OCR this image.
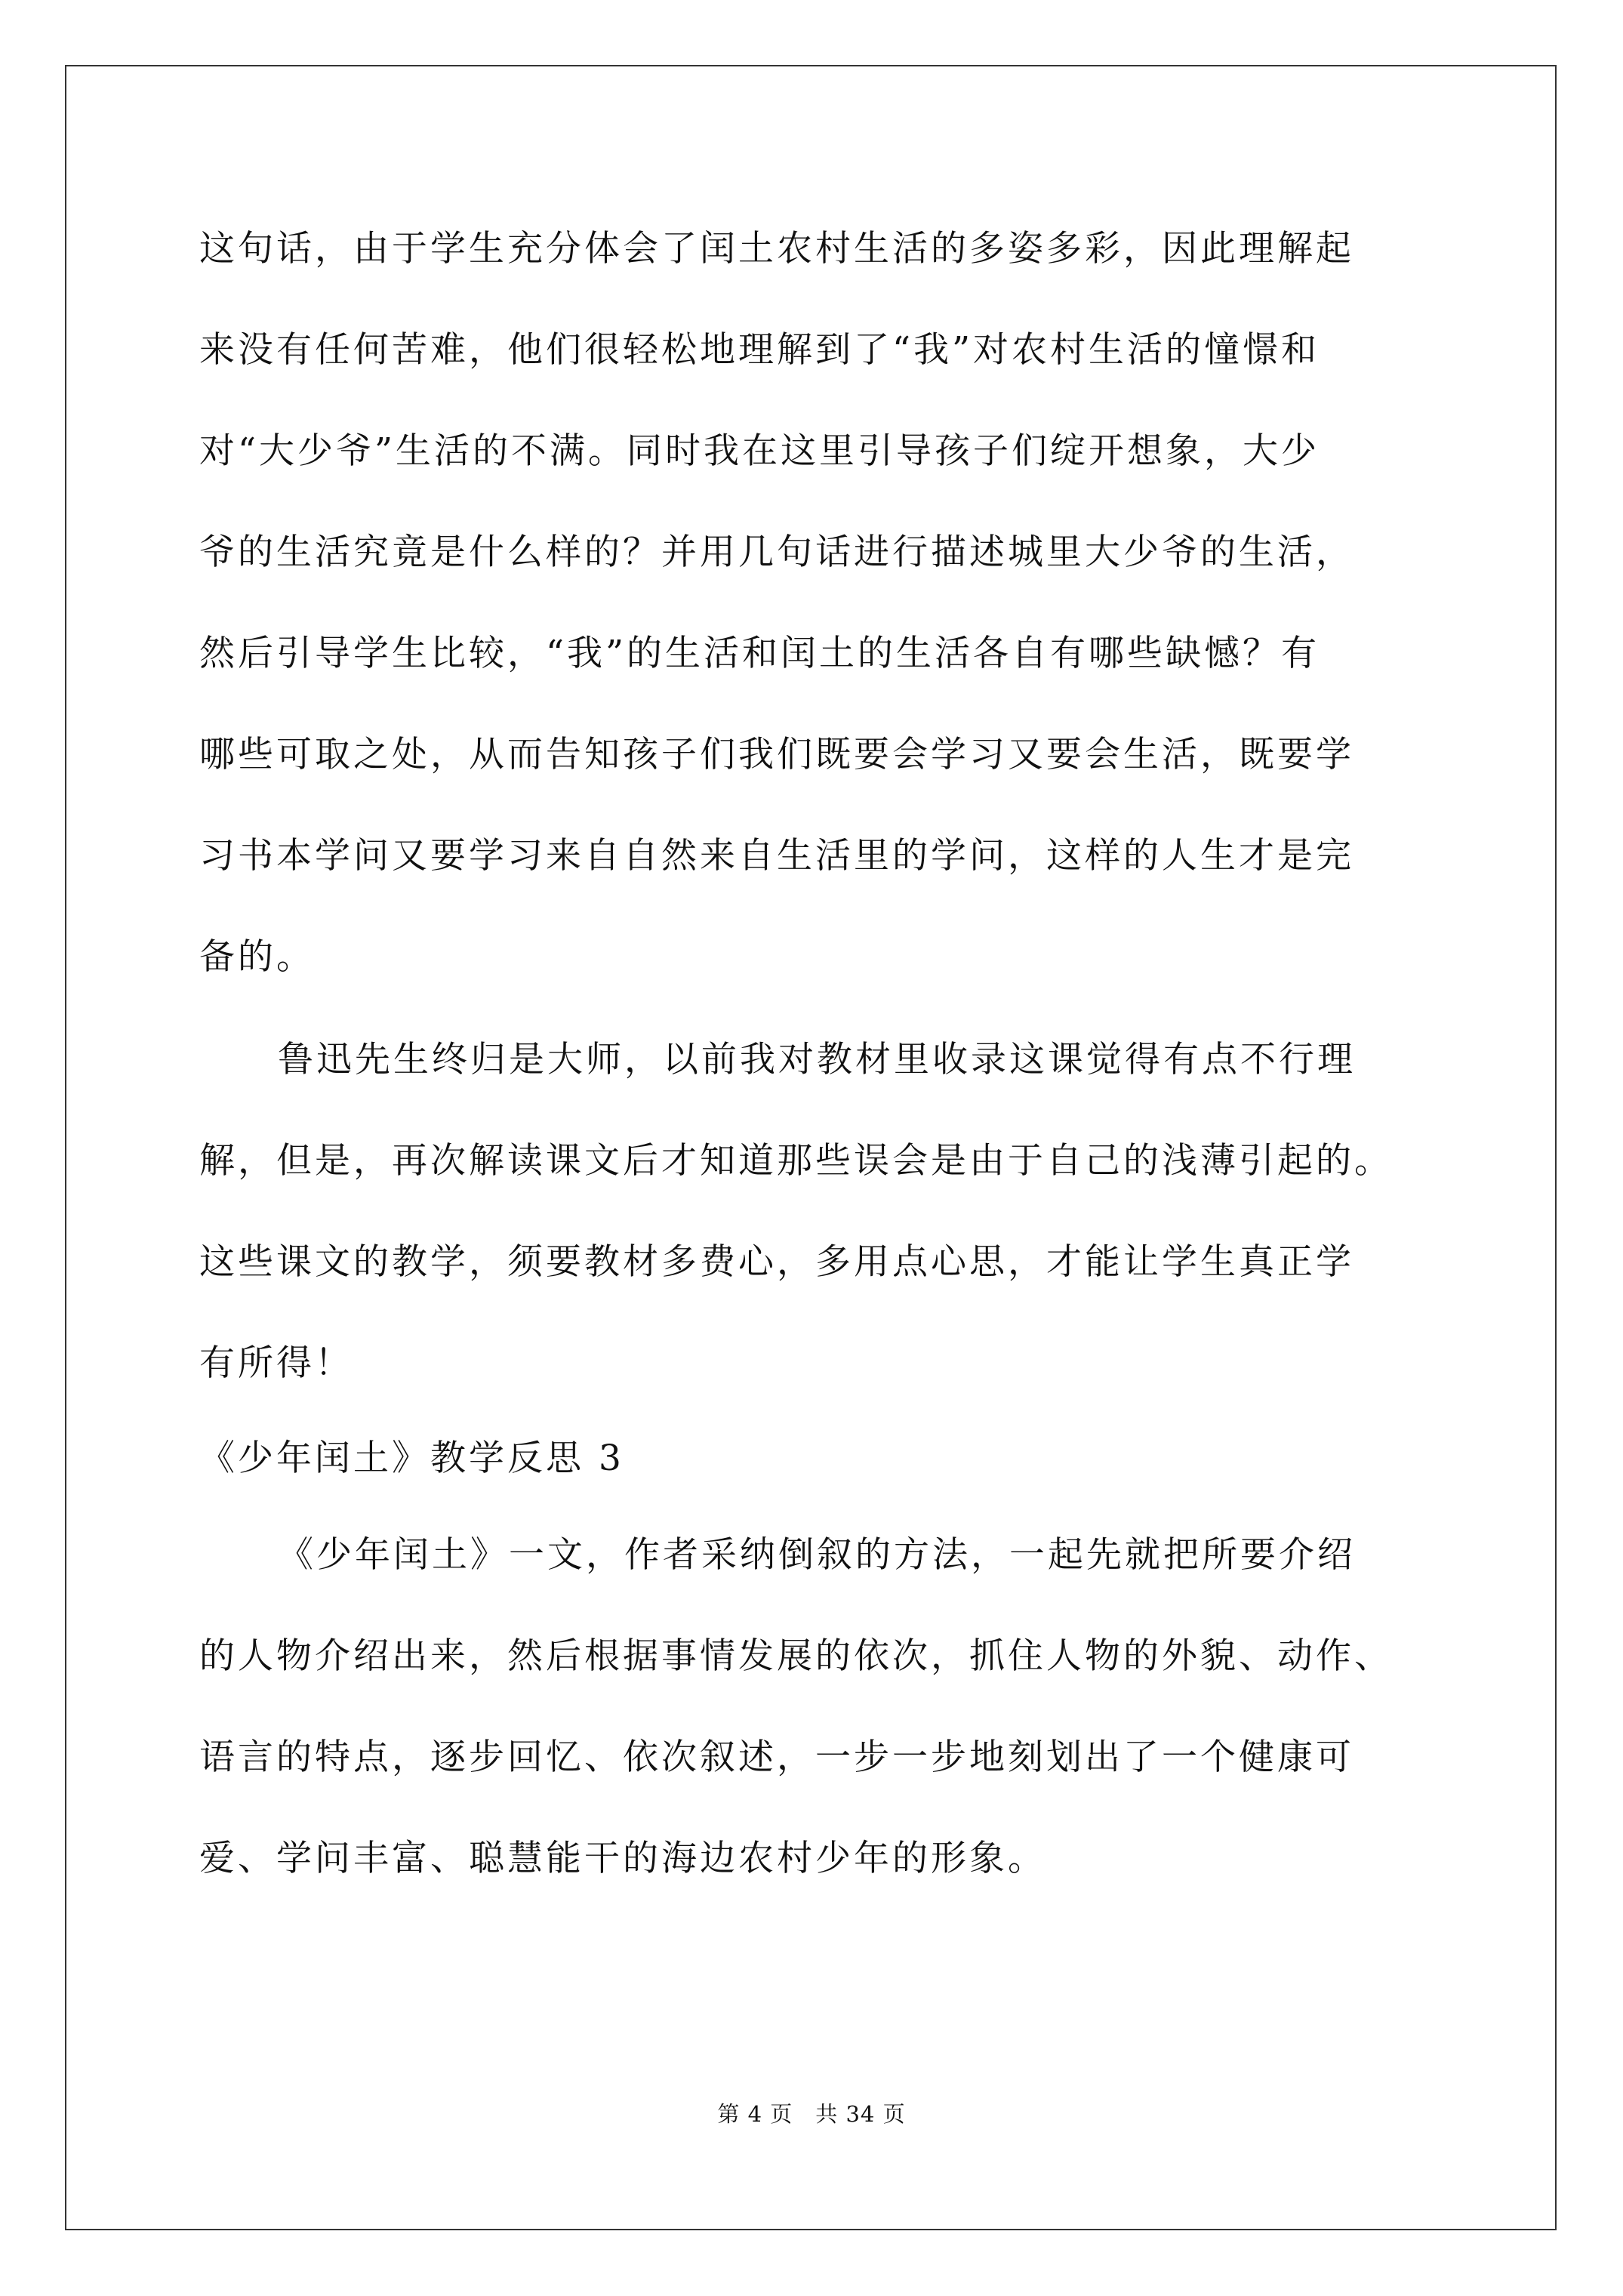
这句话，由于学生充分体会了闰土农村生活的多姿多彩，因此理解起
来没有任何苦难，他们很轻松地理解到了“我”对农村生活的憧憬和
对“大少爷”生活的不满。同时我在这里引导孩子们绽开想象，大少
爷的生活究竟是什么样的？并用几句话进行描述城里大少爷的生活，
然后引导学生比较，“我”的生活和闰土的生活各自有哪些缺憾？有
哪些可取之处，从而告知孩子们我们既要会学习又要会生活，既要学
习书本学问又要学习来自自然来自生活里的学问，这样的人生才是完
备的。
鲁迅先生终归是大师，以前我对教材里收录这课觉得有点不行理
解，但是，再次解读课文后才知道那些误会是由于自己的浅薄引起的。
这些课文的教学，须要教材多费心，多用点心思，才能让学生真正学
有所得！
《少年闰土》教学反思 3
《少年闰土》一文，作者采纳倒叙的方法，一起先就把所要介绍
的人物介绍出来，然后根据事情发展的依次，抓住人物的外貌、动作、
语言的特点，逐步回忆、依次叙述，一步一步地刻划出了一个健康可
爱、学问丰富、聪慧能干的海边农村少年的形象。
第 4 页　共 34 页
